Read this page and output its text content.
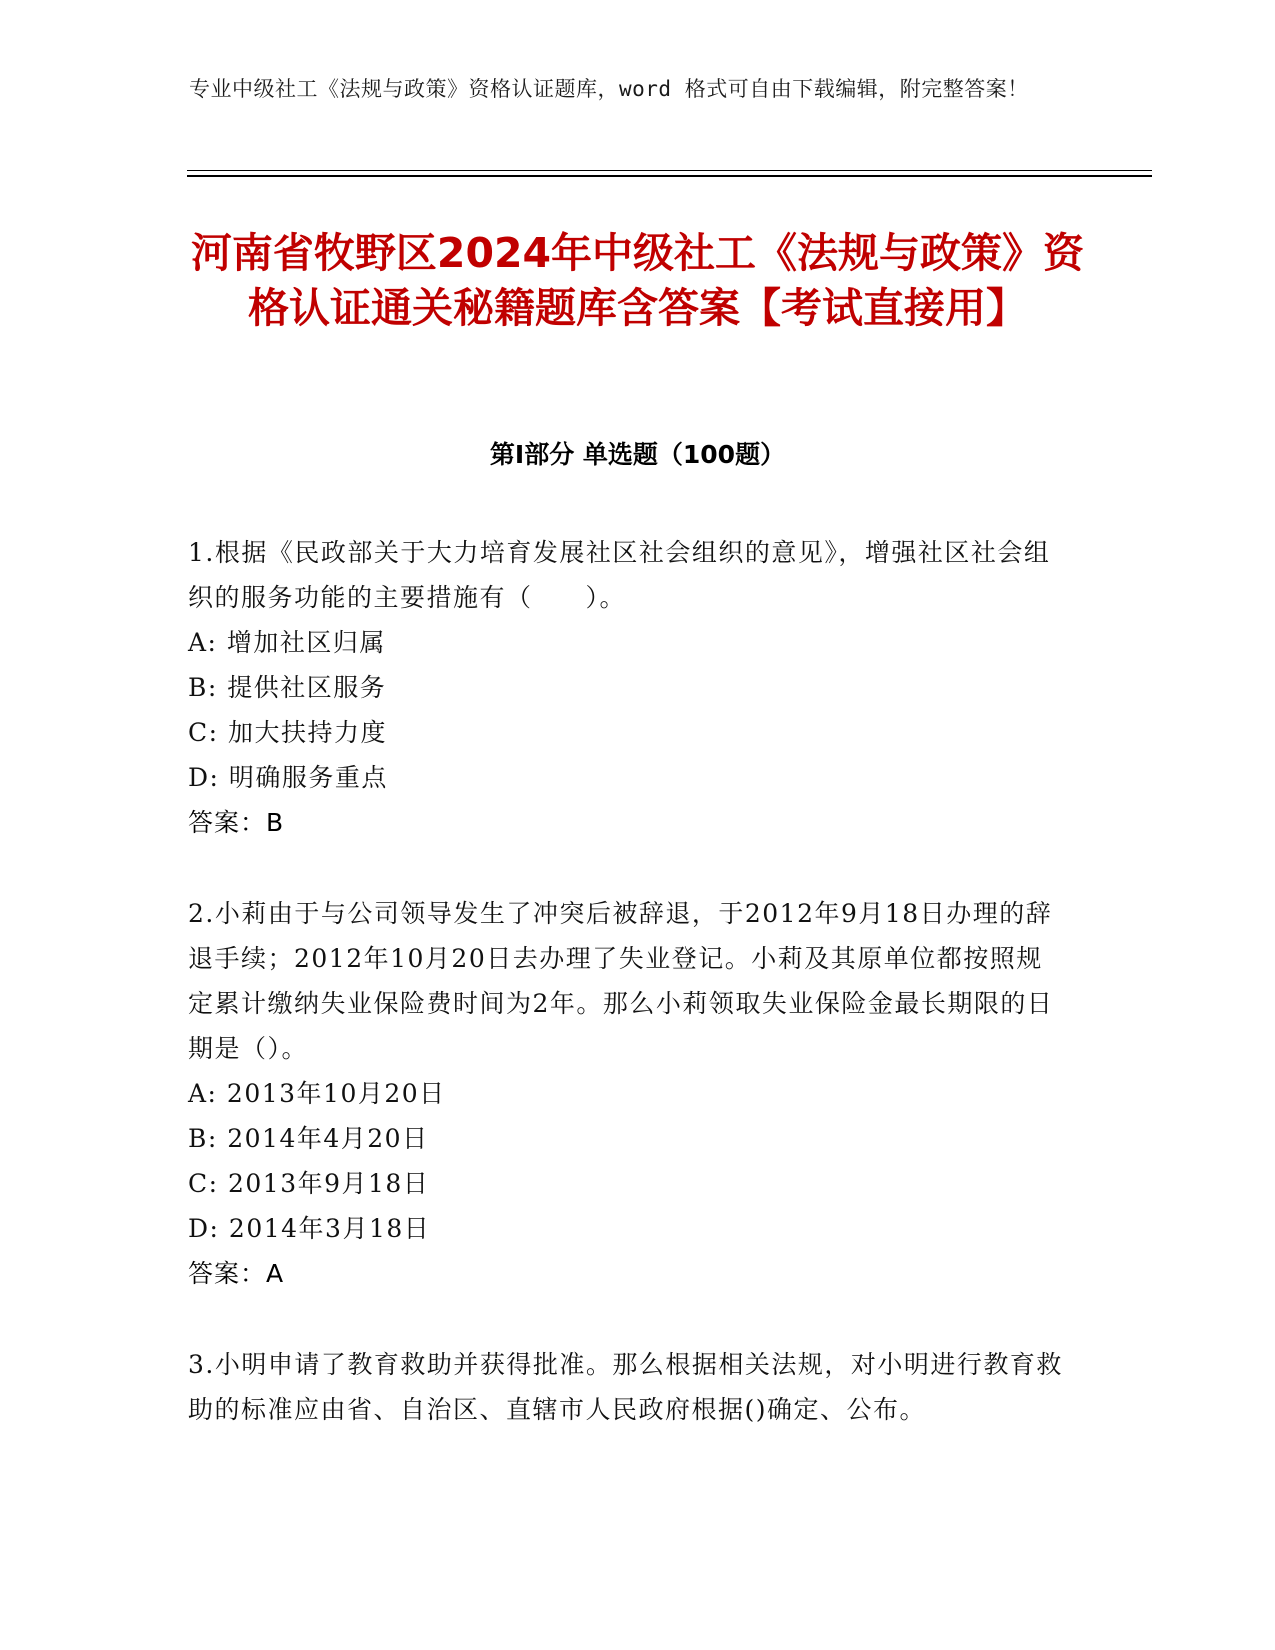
专业中级社工《法规与政策》资格认证题库，word 格式可自由下载编辑，附完整答案！
河南省牧野区2024年中级社工《法规与政策》资格认证通关秘籍题库含答案【考试直接用】
第Ⅰ部分 单选题（100题）
1.根据《民政部关于大力培育发展社区社会组织的意见》，增强社区社会组织的服务功能的主要措施有（　　）。
A: 增加社区归属
B: 提供社区服务
C: 加大扶持力度
D: 明确服务重点
答案：B
2.小莉由于与公司领导发生了冲突后被辞退，于2012年9月18日办理的辞退手续；2012年10月20日去办理了失业登记。小莉及其原单位都按照规定累计缴纳失业保险费时间为2年。那么小莉领取失业保险金最长期限的日期是（）。
A: 2013年10月20日
B: 2014年4月20日
C: 2013年9月18日
D: 2014年3月18日
答案：A
3.小明申请了教育救助并获得批准。那么根据相关法规，对小明进行教育救助的标准应由省、自治区、直辖市人民政府根据()确定、公布。
